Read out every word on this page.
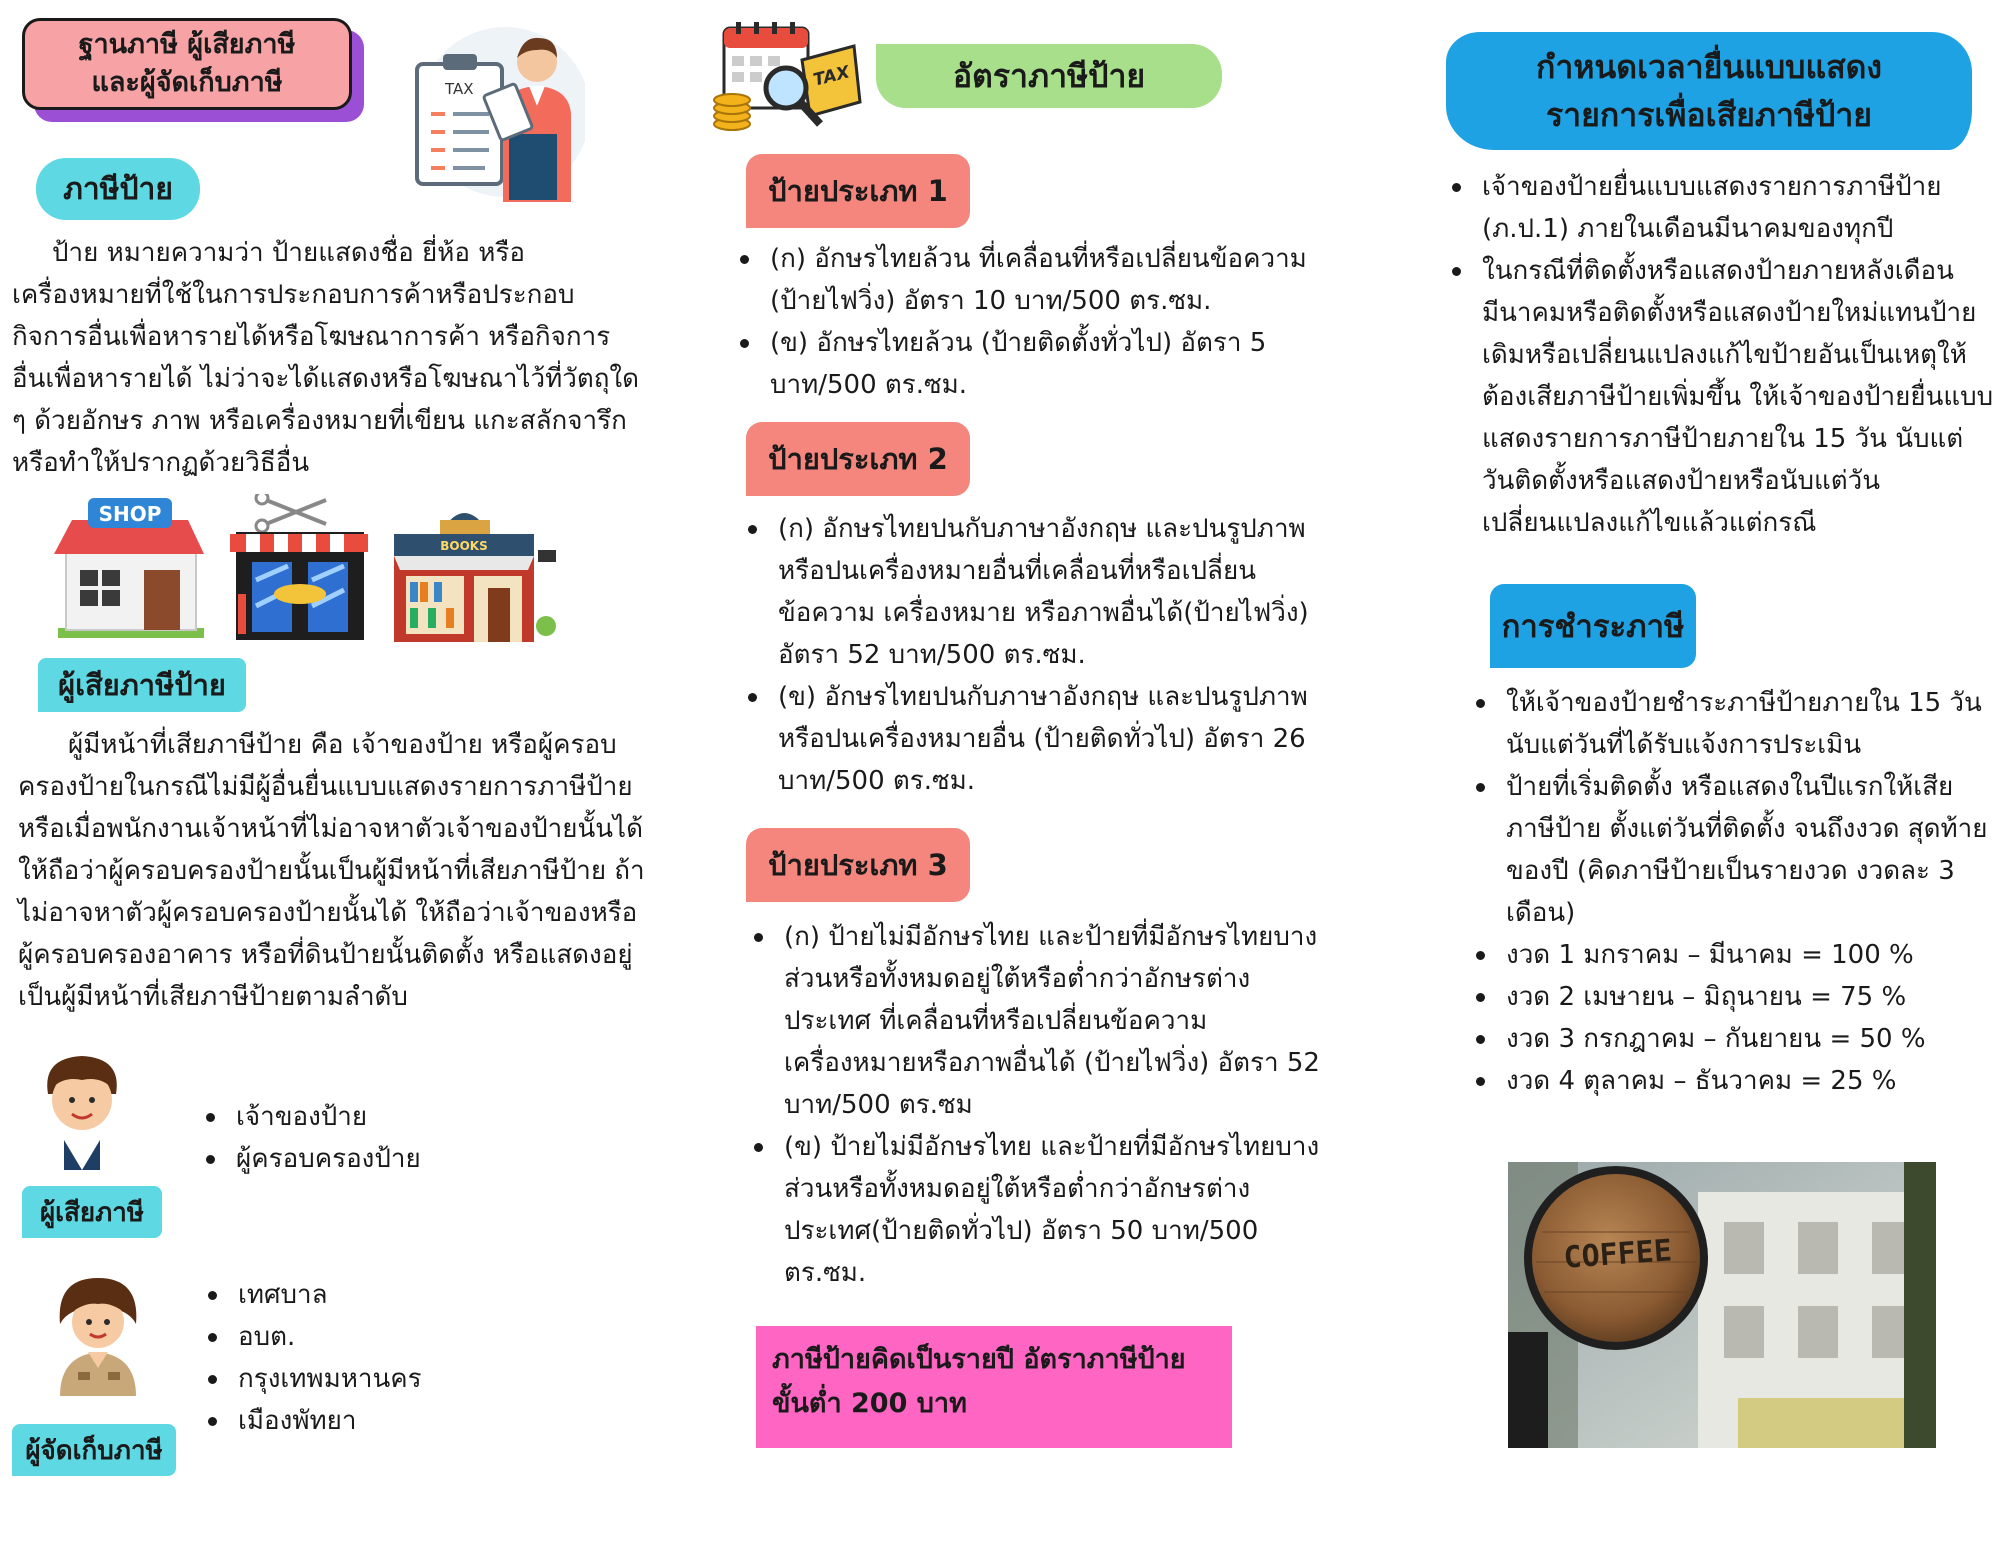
ฐานภาษี ผู้เสียภาษี
และผู้จัดเก็บภาษี	TAX
ภาษีป้าย
ป้าย หมายความว่า ป้ายแสดงชื่อ ยี่ห้อ หรือเครื่องหมายที่ใช้ในการประกอบการค้าหรือประกอบกิจการอื่นเพื่อหารายได้หรือโฆษณาการค้า หรือกิจการอื่นเพื่อหารายได้ ไม่ว่าจะได้แสดงหรือโฆษณาไว้ที่วัตถุใด ๆ ด้วยอักษร ภาพ หรือเครื่องหมายที่เขียน แกะสลักจารึกหรือทำให้ปรากฏด้วยวิธีอื่น
SHOP
BOOKS
ผู้เสียภาษีป้าย
ผู้มีหน้าที่เสียภาษีป้าย คือ เจ้าของป้าย หรือผู้ครอบครองป้ายในกรณีไม่มีผู้อื่นยื่นแบบแสดงรายการภาษีป้าย หรือเมื่อพนักงานเจ้าหน้าที่ไม่อาจหาตัวเจ้าของป้ายนั้นได้ ให้ถือว่าผู้ครอบครองป้ายนั้นเป็นผู้มีหน้าที่เสียภาษีป้าย ถ้าไม่อาจหาตัวผู้ครอบครองป้ายนั้นได้ ให้ถือว่าเจ้าของหรือ ผู้ครอบครองอาคาร หรือที่ดินป้ายนั้นติดตั้ง หรือแสดงอยู่เป็นผู้มีหน้าที่เสียภาษีป้ายตามลำดับ
เจ้าของป้าย
ผู้ครอบครองป้าย
ผู้เสียภาษี
เทศบาล
อบต.
กรุงเทพมหานคร
เมืองพัทยา
ผู้จัดเก็บภาษี
TAX	อัตราภาษีป้าย
ป้ายประเภท 1
(ก) อักษรไทยล้วน ที่เคลื่อนที่หรือเปลี่ยนข้อความ (ป้ายไฟวิ่ง) อัตรา 10 บาท/500 ตร.ซม.
(ข) อักษรไทยล้วน (ป้ายติดตั้งทั่วไป) อัตรา 5 บาท/500 ตร.ซม.
ป้ายประเภท 2
(ก) อักษรไทยปนกับภาษาอังกฤษ และปนรูปภาพ หรือปนเครื่องหมายอื่นที่เคลื่อนที่หรือเปลี่ยนข้อความ เครื่องหมาย หรือภาพอื่นได้(ป้ายไฟวิ่ง) อัตรา 52 บาท/500 ตร.ซม.
(ข) อักษรไทยปนกับภาษาอังกฤษ และปนรูปภาพ หรือปนเครื่องหมายอื่น (ป้ายติดทั่วไป) อัตรา 26 บาท/500 ตร.ซม.
ป้ายประเภท 3
(ก) ป้ายไม่มีอักษรไทย และป้ายที่มีอักษรไทยบางส่วนหรือทั้งหมดอยู่ใต้หรือต่ำกว่าอักษรต่างประเทศ ที่เคลื่อนที่หรือเปลี่ยนข้อความเครื่องหมายหรือภาพอื่นได้ (ป้ายไฟวิ่ง) อัตรา 52 บาท/500 ตร.ซม
(ข) ป้ายไม่มีอักษรไทย และป้ายที่มีอักษรไทยบางส่วนหรือทั้งหมดอยู่ใต้หรือต่ำกว่าอักษรต่างประเทศ(ป้ายติดทั่วไป) อัตรา 50 บาท/500 ตร.ซม.
ภาษีป้ายคิดเป็นรายปี อัตราภาษีป้าย
ขั้นต่ำ 200 บาท
กำหนดเวลายื่นแบบแสดง
รายการเพื่อเสียภาษีป้าย
เจ้าของป้ายยื่นแบบแสดงรายการภาษีป้าย (ภ.ป.1) ภายในเดือนมีนาคมของทุกปี
ในกรณีที่ติดตั้งหรือแสดงป้ายภายหลังเดือนมีนาคมหรือติดตั้งหรือแสดงป้ายใหม่แทนป้ายเดิมหรือเปลี่ยนแปลงแก้ไขป้ายอันเป็นเหตุให้ต้องเสียภาษีป้ายเพิ่มขึ้น ให้เจ้าของป้ายยื่นแบบแสดงรายการภาษีป้ายภายใน 15 วัน นับแต่วันติดตั้งหรือแสดงป้ายหรือนับแต่วันเปลี่ยนแปลงแก้ไขแล้วแต่กรณี
การชำระภาษี
ให้เจ้าของป้ายชำระภาษีป้ายภายใน 15 วัน นับแต่วันที่ได้รับแจ้งการประเมิน
ป้ายที่เริ่มติดตั้ง หรือแสดงในปีแรกให้เสียภาษีป้าย ตั้งแต่วันที่ติดตั้ง จนถึงงวด สุดท้ายของปี (คิดภาษีป้ายเป็นรายงวด งวดละ 3 เดือน)
งวด 1 มกราคม – มีนาคม = 100 %
งวด 2 เมษายน – มิถุนายน = 75 %
งวด 3 กรกฎาคม – กันยายน = 50 %
งวด 4 ตุลาคม – ธันวาคม = 25 %
COFFEE
